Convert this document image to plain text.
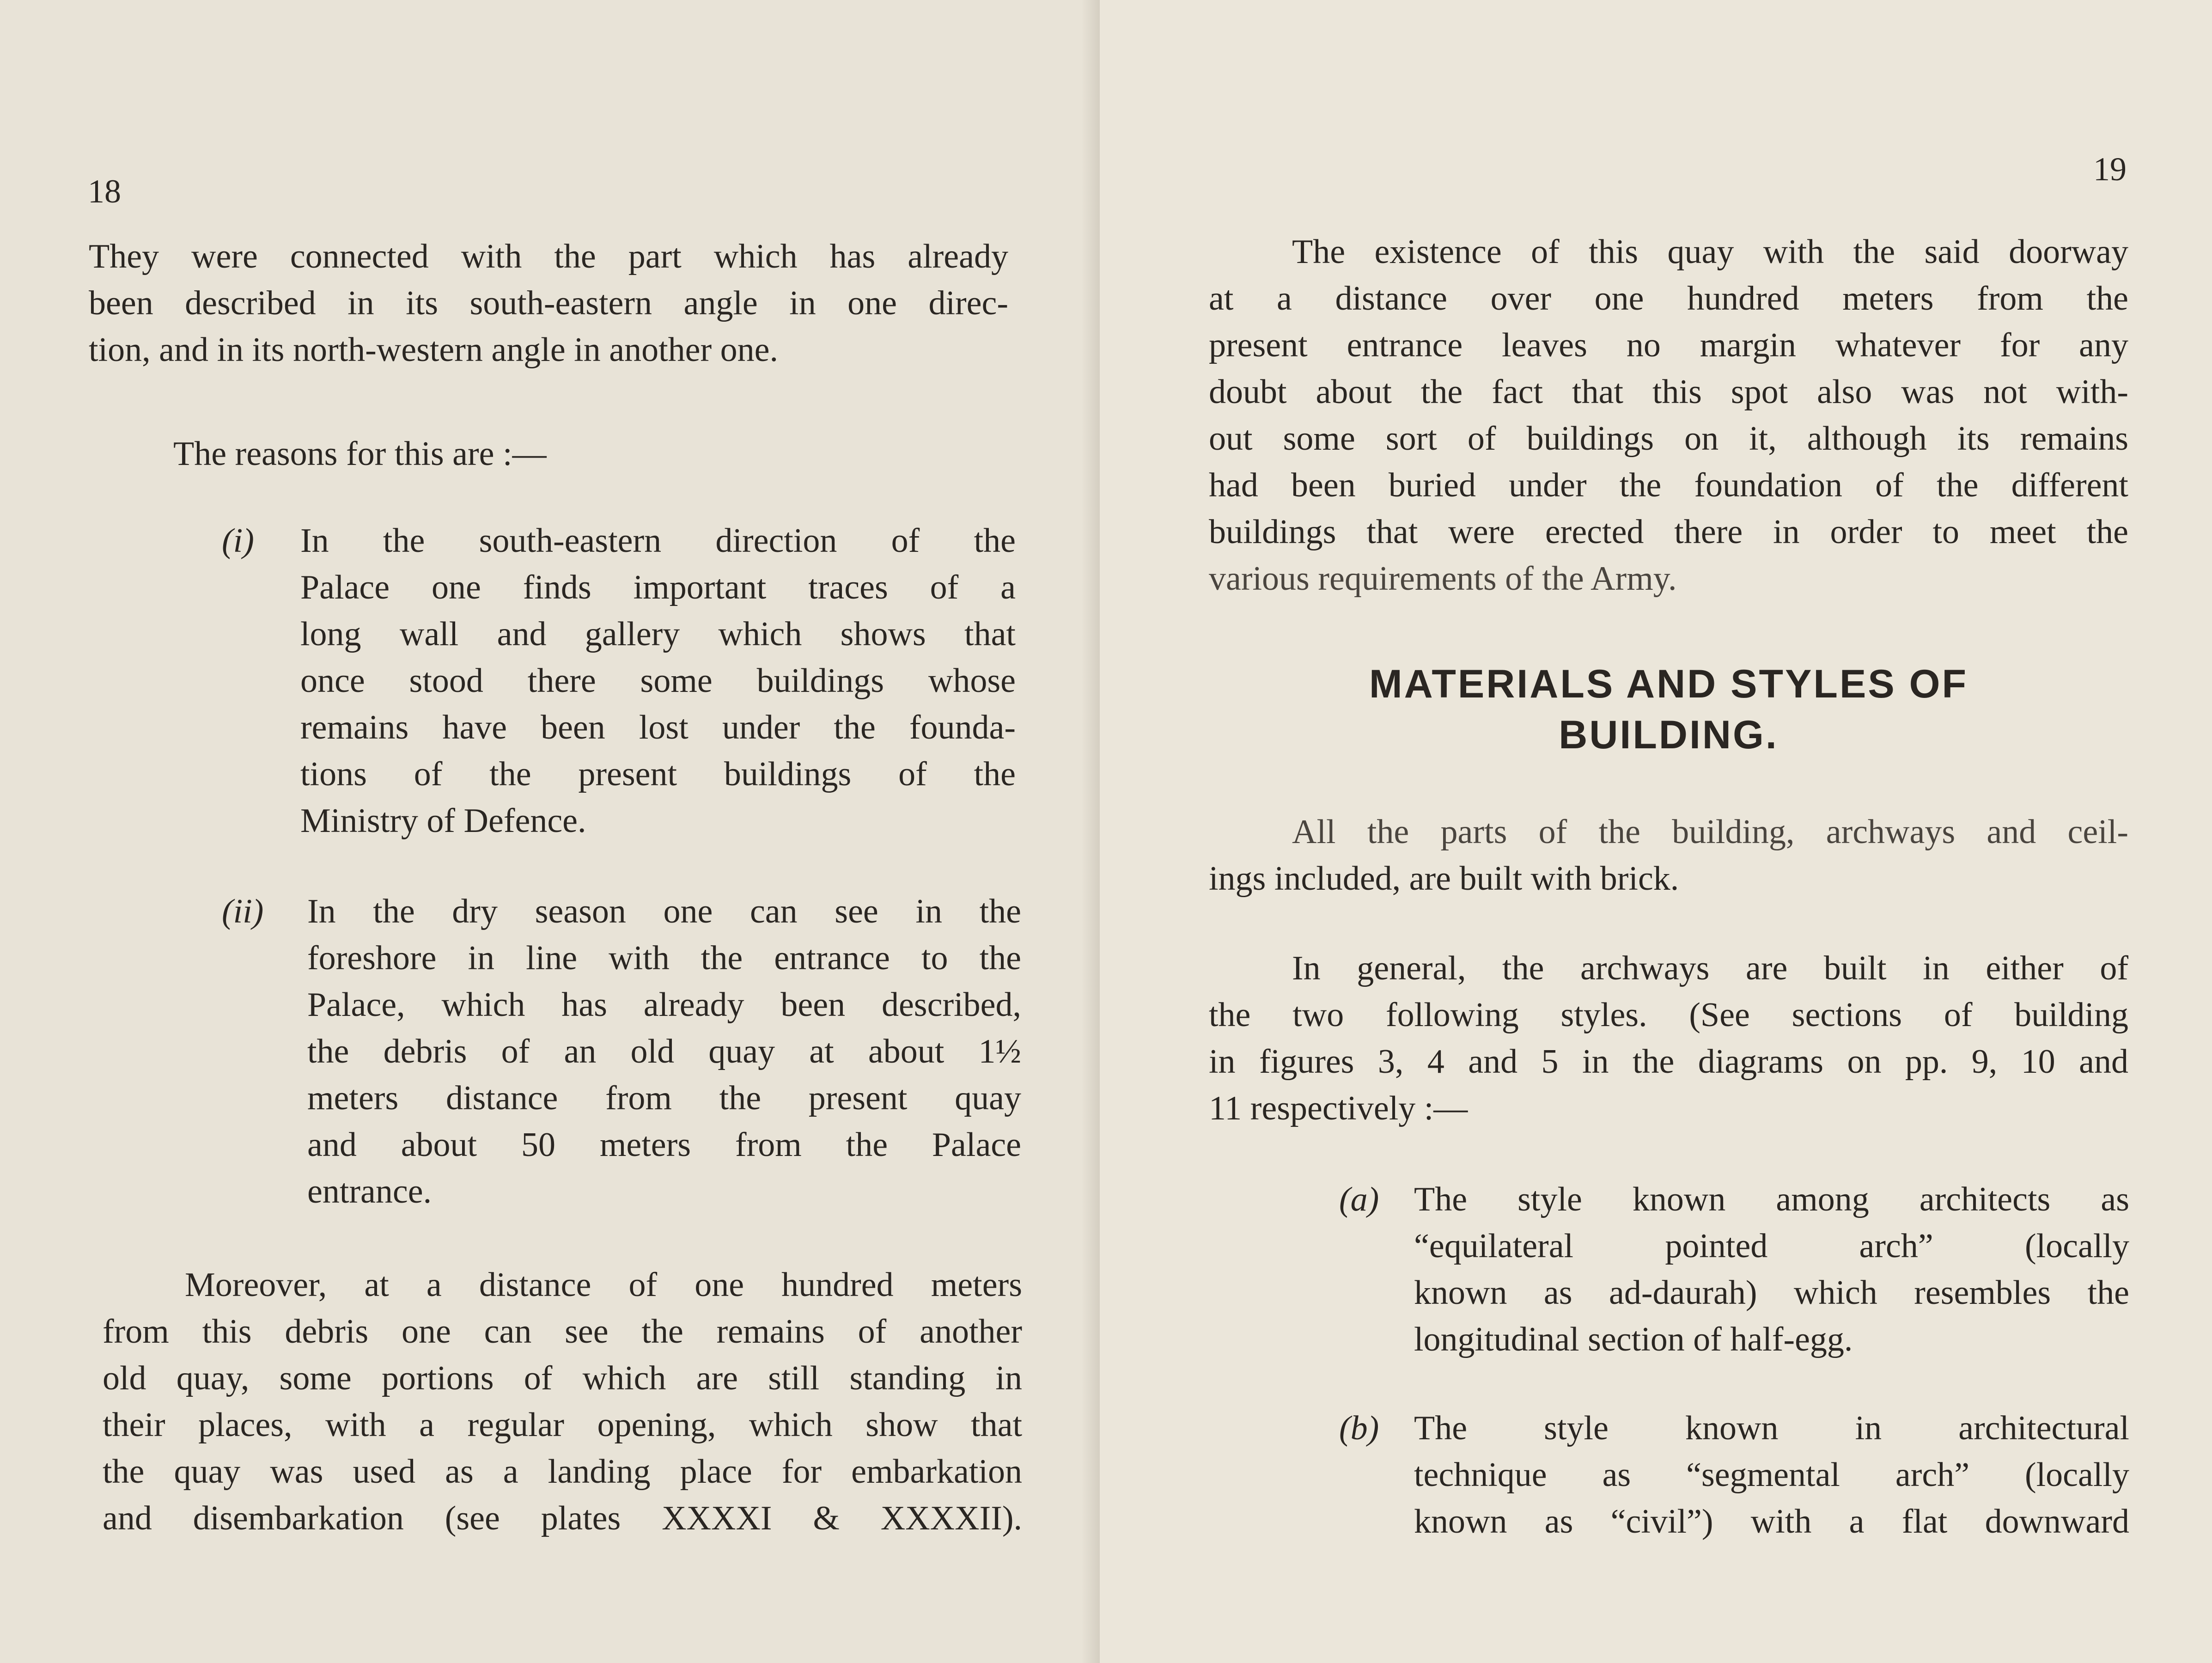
18
They were connected with the part which has already
been described in its south-eastern angle in one direc-
tion, and in its north-western angle in another one.
The reasons for this are :—
(i) In the south-eastern direction of the
Palace one finds important traces of a
long wall and gallery which shows that
once stood there some buildings whose
remains have been lost under the founda-
tions of the present buildings of the
Ministry of Defence.
(ii) In the dry season one can see in the
foreshore in line with the entrance to the
Palace, which has already been described,
the debris of an old quay at about 1½
meters distance from the present quay
and about 50 meters from the Palace
entrance.
Moreover, at a distance of one hundred meters
from this debris one can see the remains of another
old quay, some portions of which are still standing in
their places, with a regular opening, which show that
the quay was used as a landing place for embarkation
and disembarkation (see plates XXXXI & XXXXII).
19
The existence of this quay with the said doorway
at a distance over one hundred meters from the
present entrance leaves no margin whatever for any
doubt about the fact that this spot also was not with-
out some sort of buildings on it, although its remains
had been buried under the foundation of the different
buildings that were erected there in order to meet the
various requirements of the Army.
MATERIALS AND STYLES OF
BUILDING.
All the parts of the building, archways and ceil-
ings included, are built with brick.
In general, the archways are built in either of
the two following styles. (See sections of building
in figures 3, 4 and 5 in the diagrams on pp. 9, 10 and
11 respectively :—
(a) The style known among architects as
“equilateral pointed arch” (locally
known as ad-daurah) which resembles the
longitudinal section of half-egg.
(b) The style known in architectural
technique as “segmental arch” (locally
known as “civil”) with a flat downward
